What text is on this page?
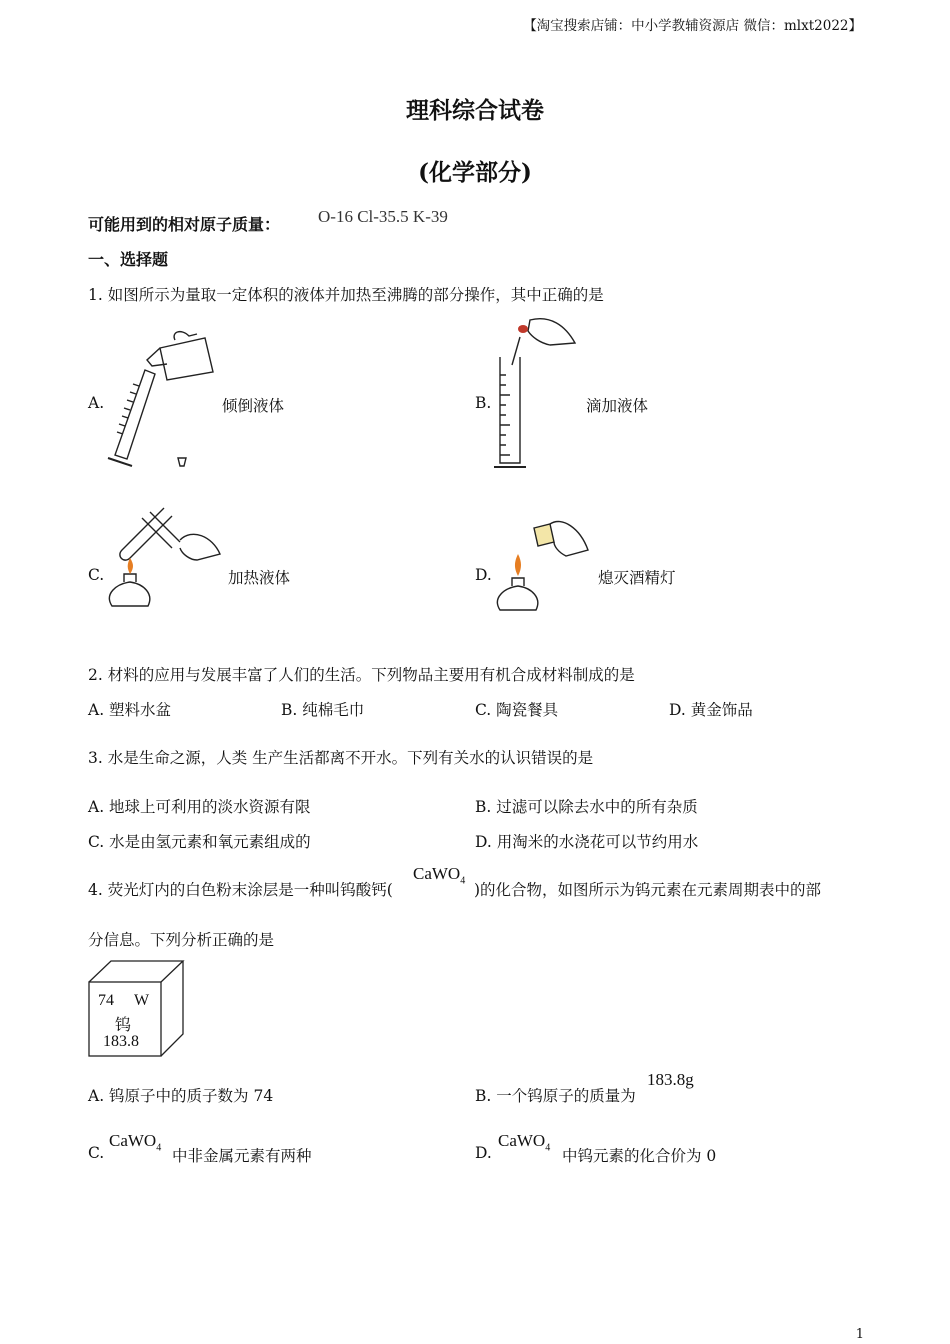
【淘宝搜索店铺：中小学教辅资源店 微信：mlxt2022】
理科综合试卷
(化学部分)
可能用到的相对原子质量： O-16 Cl-35.5 K-39
一、选择题
1. 如图所示为量取一定体积的液体并加热至沸腾的部分操作，其中正确的是
A.	倾倒液体	B.	滴加液体
C.	加热液体	D.	熄灭酒精灯
2. 材料的应用与发展丰富了人们的生活。下列物品主要用有机合成材料制成的是
A. 塑料水盆	B. 纯棉毛巾	C. 陶瓷餐具	D. 黄金饰品
3. 水是生命之源，人类 生产生活都离不开水。下列有关水的认识错误的是
A. 地球上可利用的淡水资源有限	B. 过滤可以除去水中的所有杂质
C. 水是由氢元素和氧元素组成的	D. 用淘米的水浇花可以节约用水
4. 荧光灯内的白色粉末涂层是一种叫钨酸钙(
CaWO$_4$
)的化合物，如图所示为钨元素在元素周期表中的部
分信息。下列分析正确的是
74 W
钨
183.8
A. 钨原子中的质子数为 74	B. 一个钨原子的质量为
183.8g
C.
CaWO$_4$ 中非金属元素有两种	D.
CaWO$_4$ 中钨元素的化合价为 0
1
